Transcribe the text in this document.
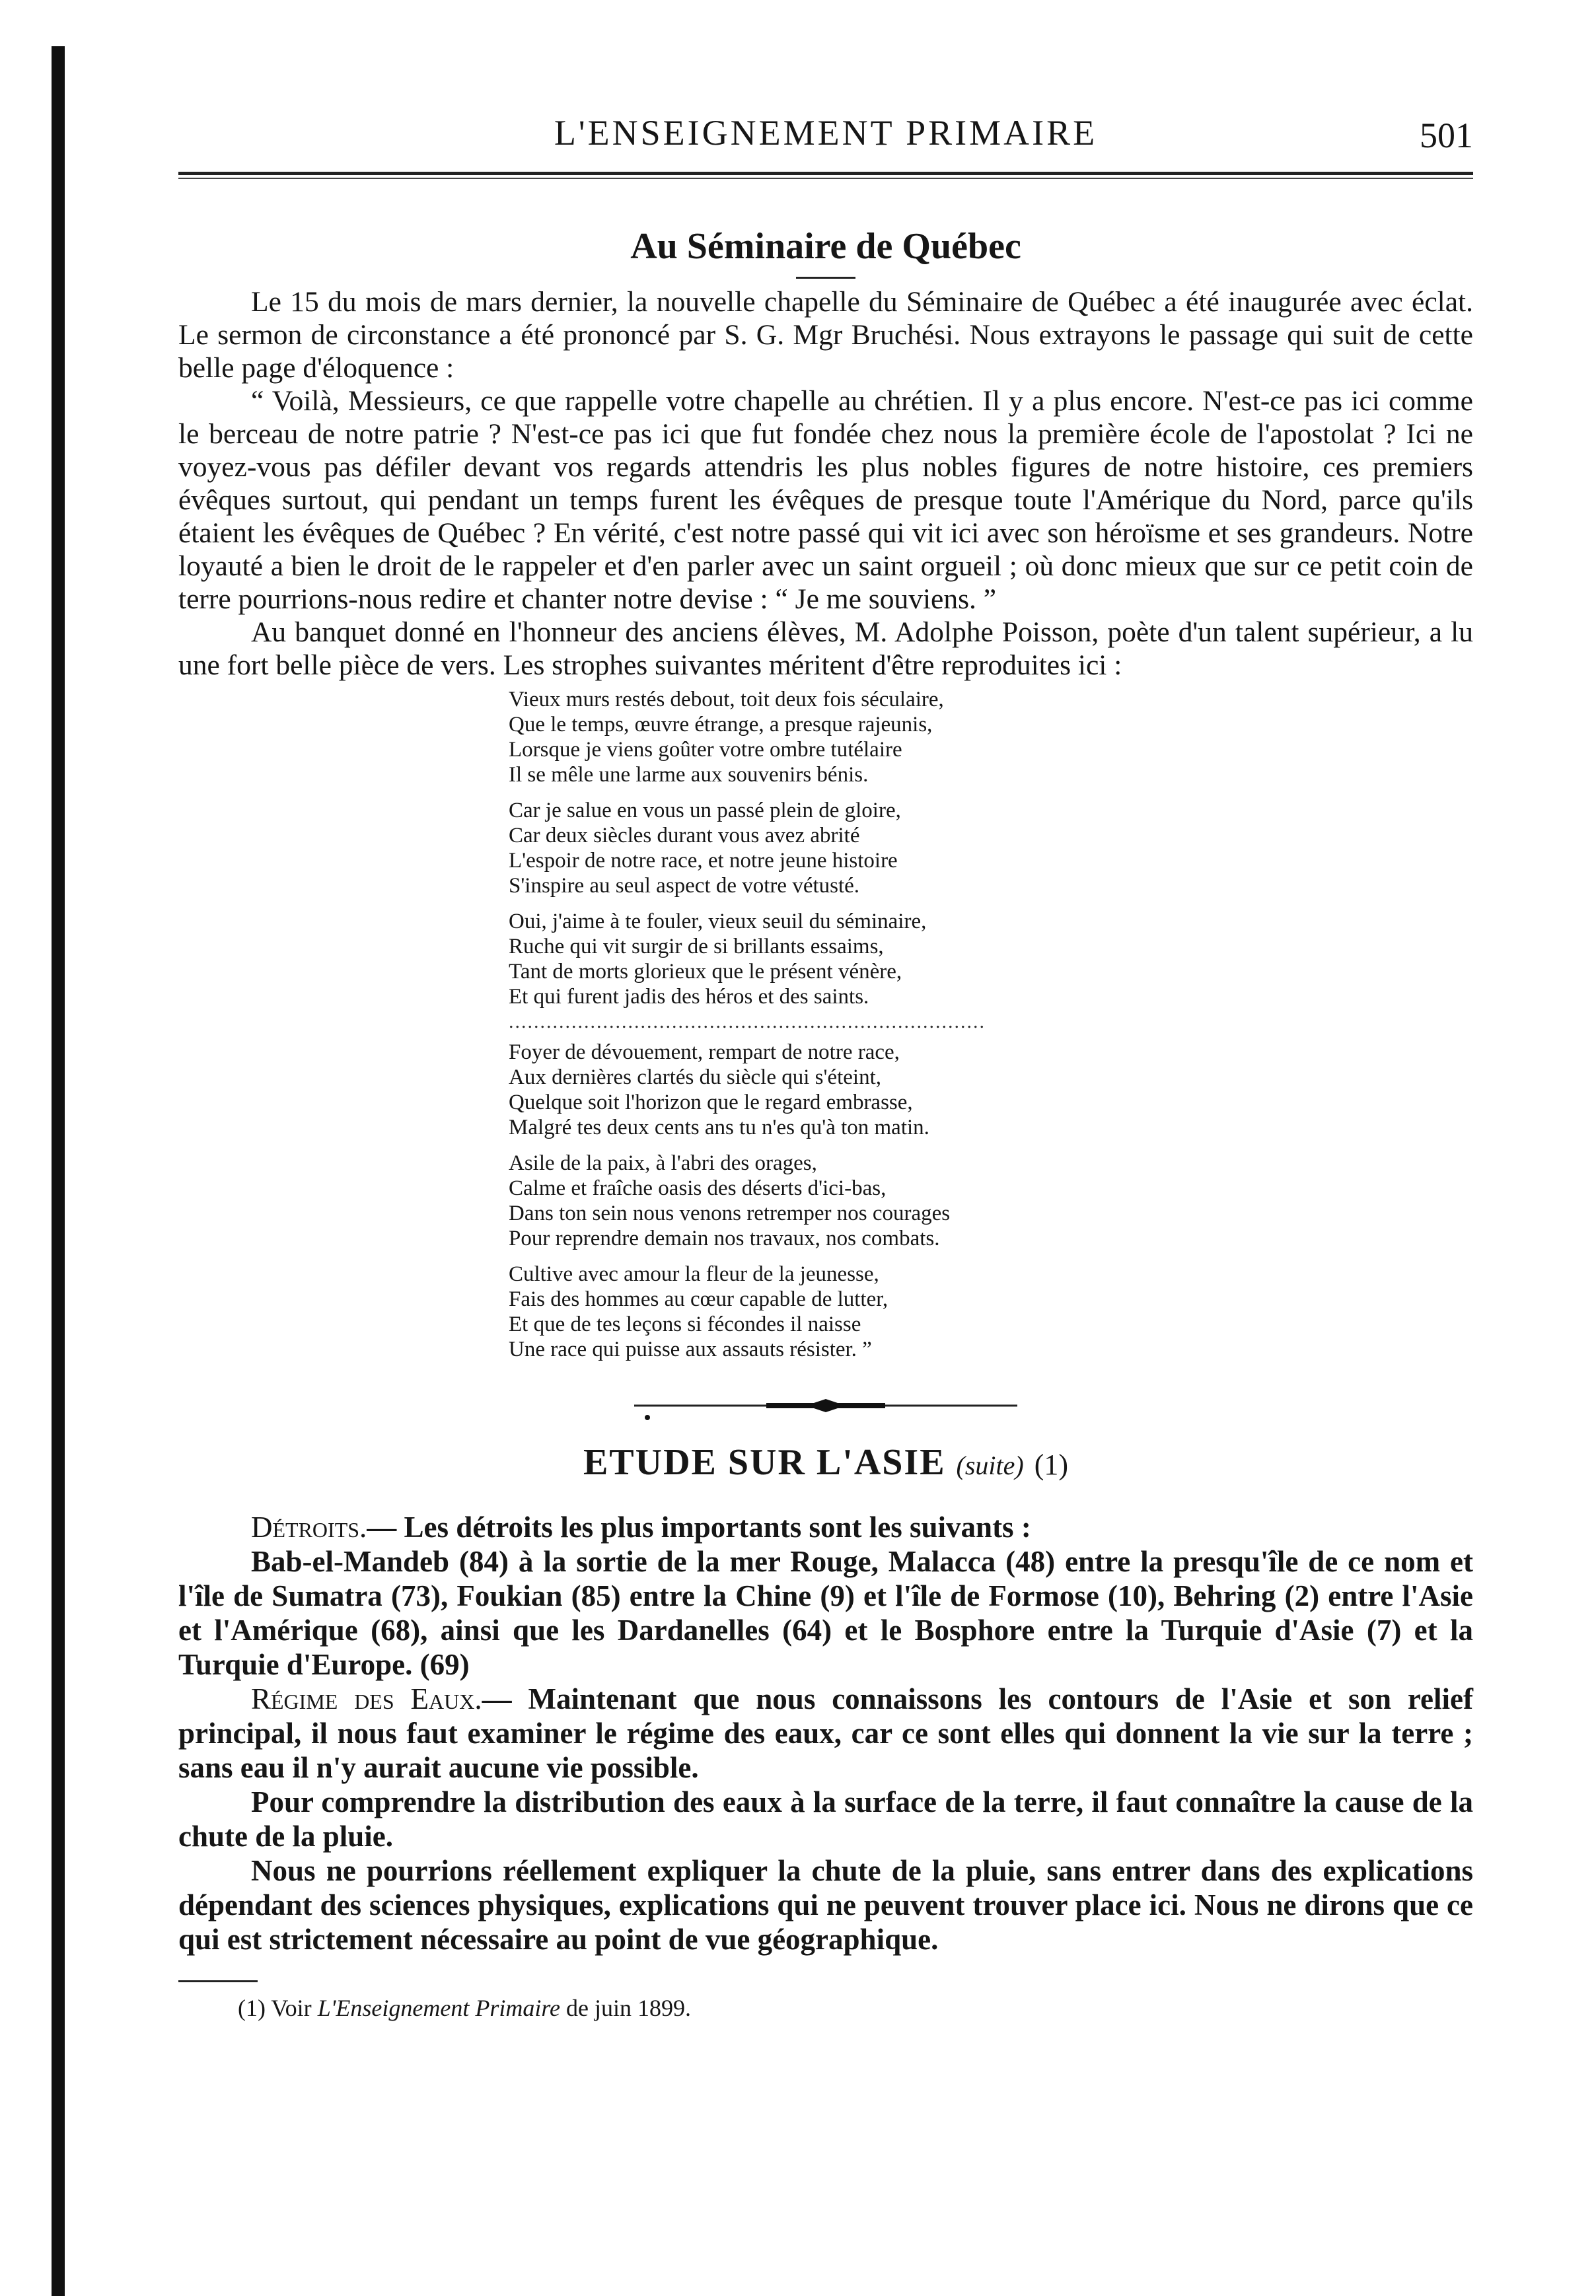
L'ENSEIGNEMENT PRIMAIRE	501
Au Séminaire de Québec

Le 15 du mois de mars dernier, la nouvelle chapelle du Séminaire de Québec a été inaugurée avec éclat. Le sermon de circonstance a été prononcé par S. G. Mgr Bruchési. Nous extrayons le passage qui suit de cette belle page d'éloquence :

“ Voilà, Messieurs, ce que rappelle votre chapelle au chrétien. Il y a plus encore. N'est-ce pas ici comme le berceau de notre patrie ? N'est-ce pas ici que fut fondée chez nous la première école de l'apostolat ? Ici ne voyez-vous pas défiler devant vos regards attendris les plus nobles figures de notre histoire, ces premiers évêques surtout, qui pendant un temps furent les évêques de presque toute l'Amérique du Nord, parce qu'ils étaient les évêques de Québec ? En vérité, c'est notre passé qui vit ici avec son héroïsme et ses grandeurs. Notre loyauté a bien le droit de le rappeler et d'en parler avec un saint orgueil ; où donc mieux que sur ce petit coin de terre pourrions-nous redire et chanter notre devise : “ Je me souviens. ”

Au banquet donné en l'honneur des anciens élèves, M. Adolphe Poisson, poète d'un talent supérieur, a lu une fort belle pièce de vers. Les strophes suivantes méritent d'être reproduites ici :

Vieux murs restés debout, toit deux fois séculaire,
Que le temps, œuvre étrange, a presque rajeunis,
Lorsque je viens goûter votre ombre tutélaire
Il se mêle une larme aux souvenirs bénis.
Car je salue en vous un passé plein de gloire,
Car deux siècles durant vous avez abrité
L'espoir de notre race, et notre jeune histoire
S'inspire au seul aspect de votre vétusté.
Oui, j'aime à te fouler, vieux seuil du séminaire,
Ruche qui vit surgir de si brillants essaims,
Tant de morts glorieux que le présent vénère,
Et qui furent jadis des héros et des saints.
............................................................................
Foyer de dévouement, rempart de notre race,
Aux dernières clartés du siècle qui s'éteint,
Quelque soit l'horizon que le regard embrasse,
Malgré tes deux cents ans tu n'es qu'à ton matin.
Asile de la paix, à l'abri des orages,
Calme et fraîche oasis des déserts d'ici-bas,
Dans ton sein nous venons retremper nos courages
Pour reprendre demain nos travaux, nos combats.
Cultive avec amour la fleur de la jeunesse,
Fais des hommes au cœur capable de lutter,
Et que de tes leçons si fécondes il naisse
Une race qui puisse aux assauts résister. ”
ETUDE SUR L'ASIE (suite) (1)

Détroits.— Les détroits les plus importants sont les suivants :

Bab-el-Mandeb (84) à la sortie de la mer Rouge, Malacca (48) entre la presqu'île de ce nom et l'île de Sumatra (73), Foukian (85) entre la Chine (9) et l'île de Formose (10), Behring (2) entre l'Asie et l'Amérique (68), ainsi que les Dardanelles (64) et le Bosphore entre la Turquie d'Asie (7) et la Turquie d'Europe. (69)

Régime des Eaux.— Maintenant que nous connaissons les contours de l'Asie et son relief principal, il nous faut examiner le régime des eaux, car ce sont elles qui donnent la vie sur la terre ; sans eau il n'y aurait aucune vie possible.

Pour comprendre la distribution des eaux à la surface de la terre, il faut connaître la cause de la chute de la pluie.

Nous ne pourrions réellement expliquer la chute de la pluie, sans entrer dans des explications dépendant des sciences physiques, explications qui ne peuvent trouver place ici. Nous ne dirons que ce qui est strictement nécessaire au point de vue géographique.

(1) Voir L'Enseignement Primaire de juin 1899.
